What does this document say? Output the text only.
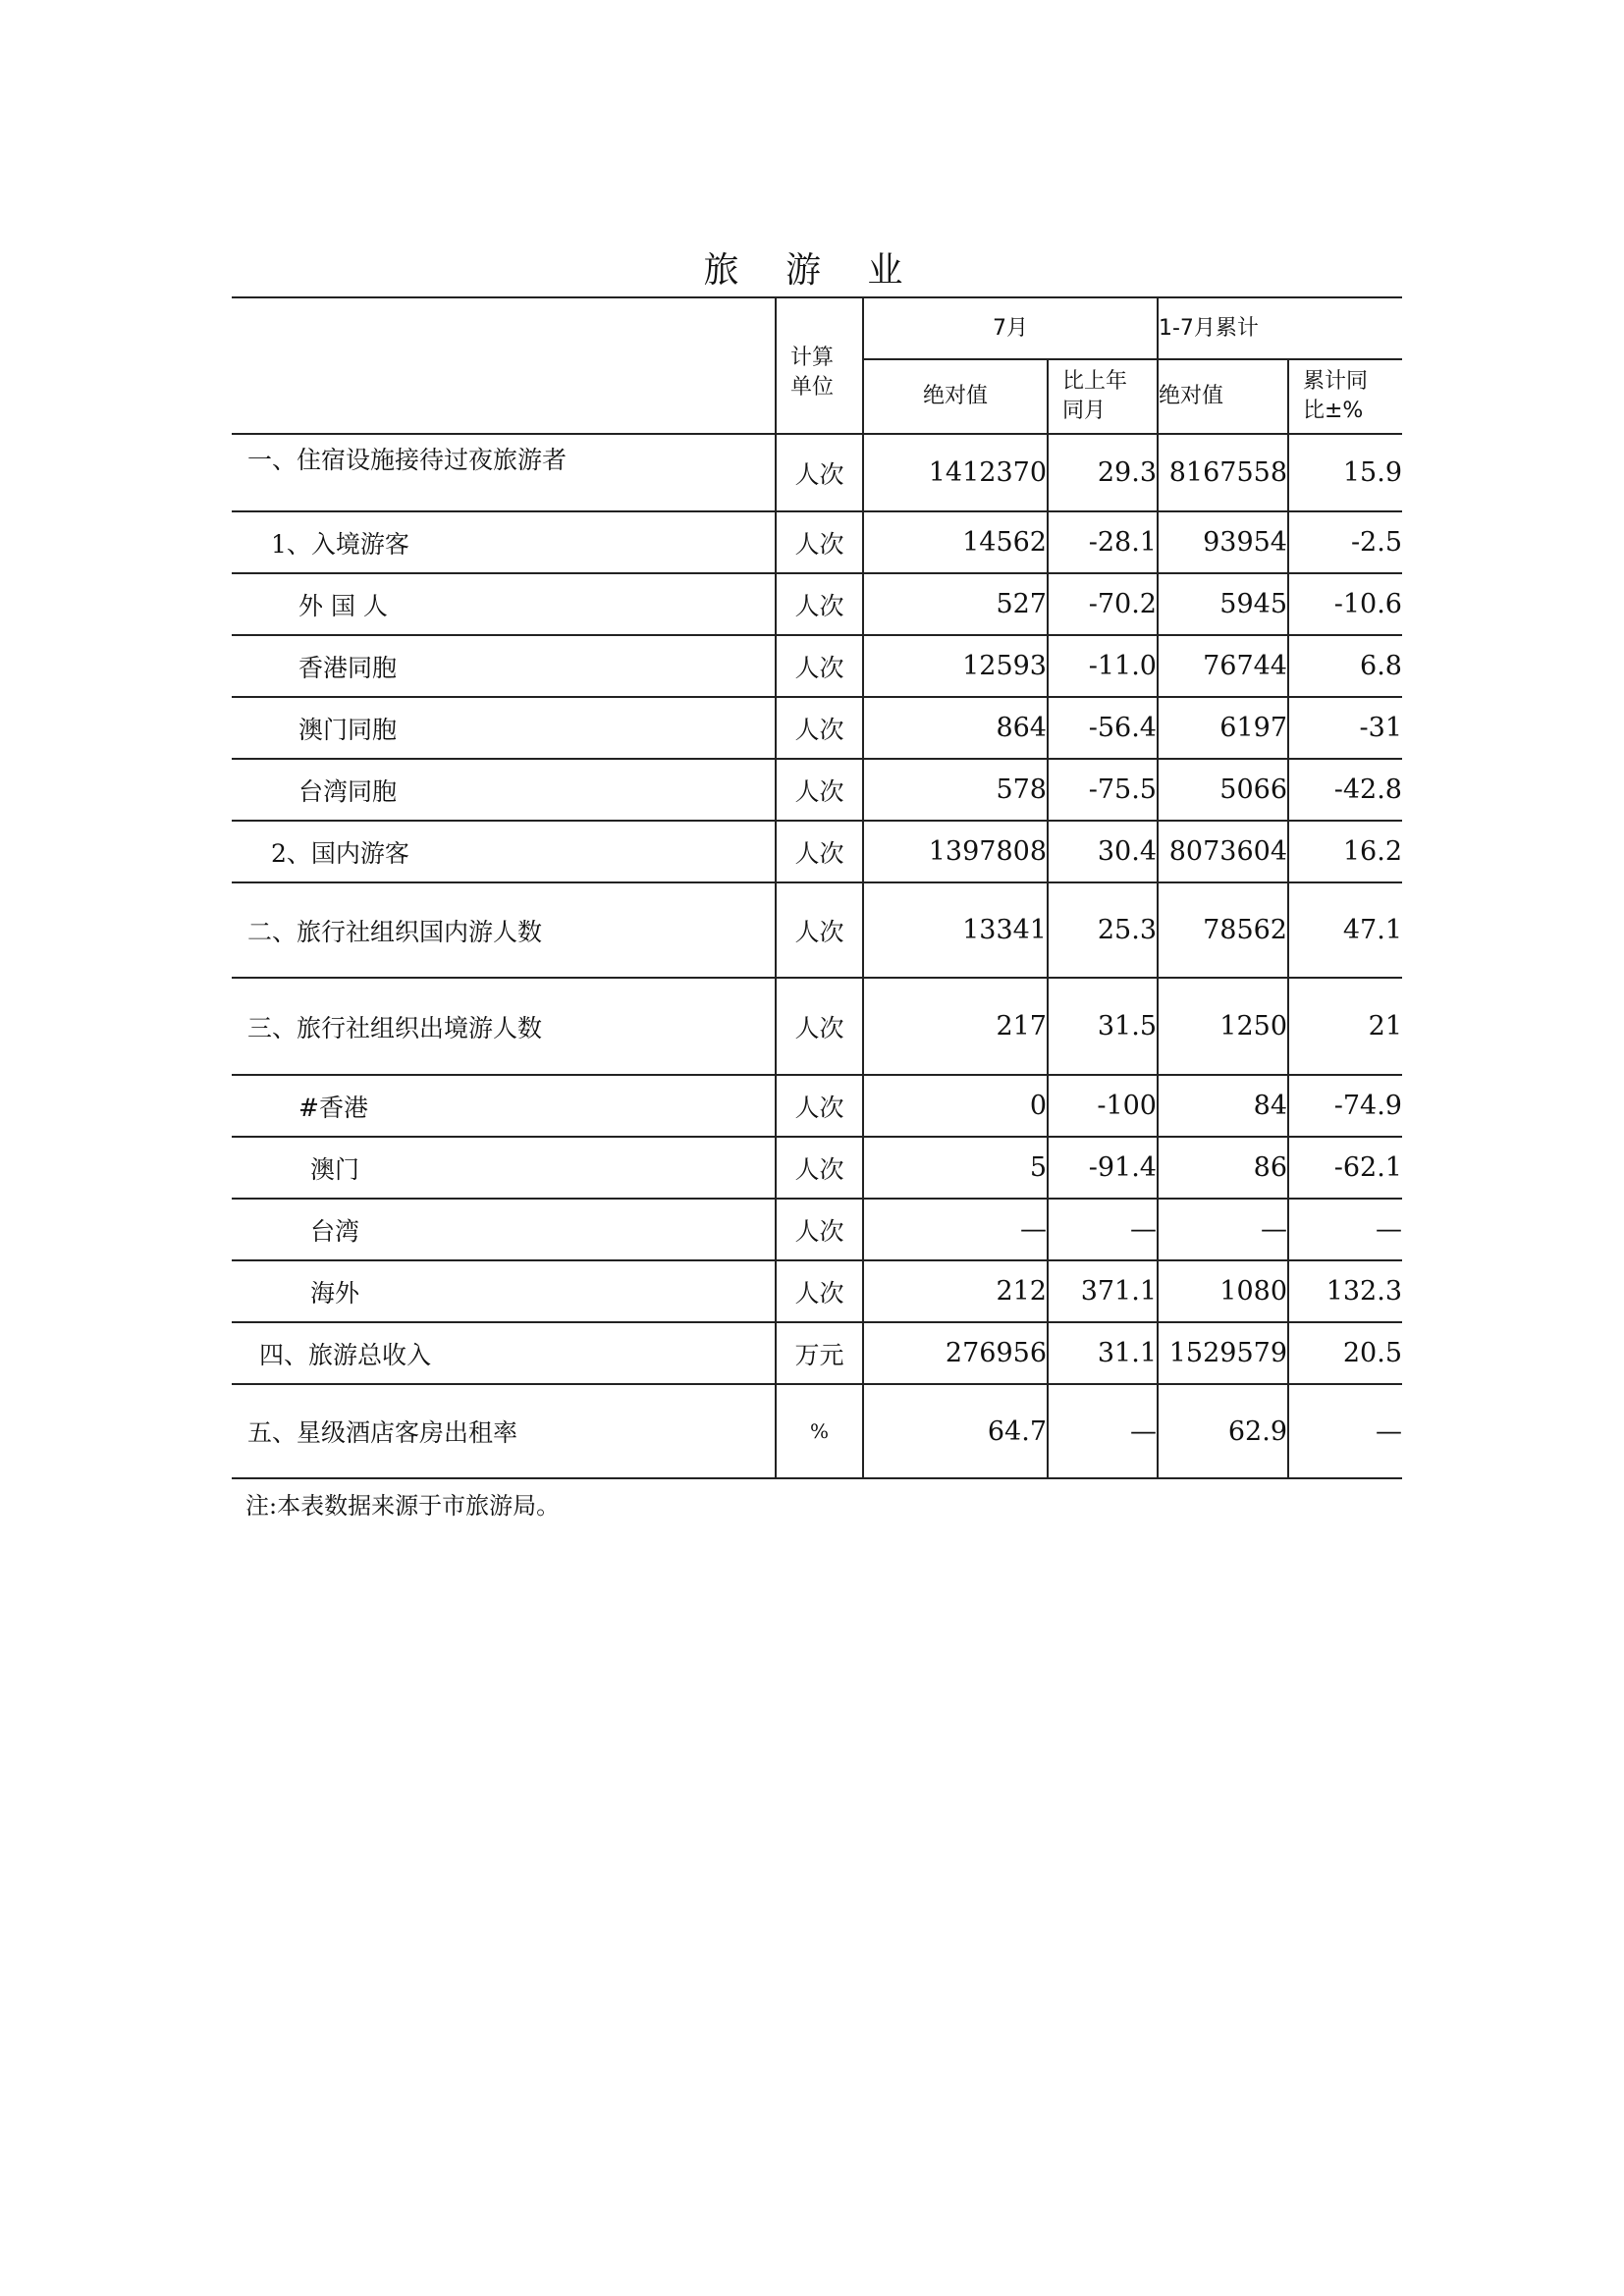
旅 游 业
	计算单位	7月		1-7月累计	
		绝对值	比上年同月	绝对值	累计同比±%
一、住宿设施接待过夜旅游者	人次	1412370	29.3	8167558	15.9
1、入境游客	人次	14562	-28.1	93954	-2.5
外 国 人	人次	527	-70.2	5945	-10.6
香港同胞	人次	12593	-11.0	76744	6.8
澳门同胞	人次	864	-56.4	6197	-31
台湾同胞	人次	578	-75.5	5066	-42.8
2、国内游客	人次	1397808	30.4	8073604	16.2
二、旅行社组织国内游人数	人次	13341	25.3	78562	47.1
三、旅行社组织出境游人数	人次	217	31.5	1250	21
#香港	人次	0	-100	84	-74.9
澳门	人次	5	-91.4	86	-62.1
台湾	人次	—	—	—	—
海外	人次	212	371.1	1080	132.3
四、旅游总收入	万元	276956	31.1	1529579	20.5
五、星级酒店客房出租率	%	64.7	—	62.9	—
注:本表数据来源于市旅游局。
